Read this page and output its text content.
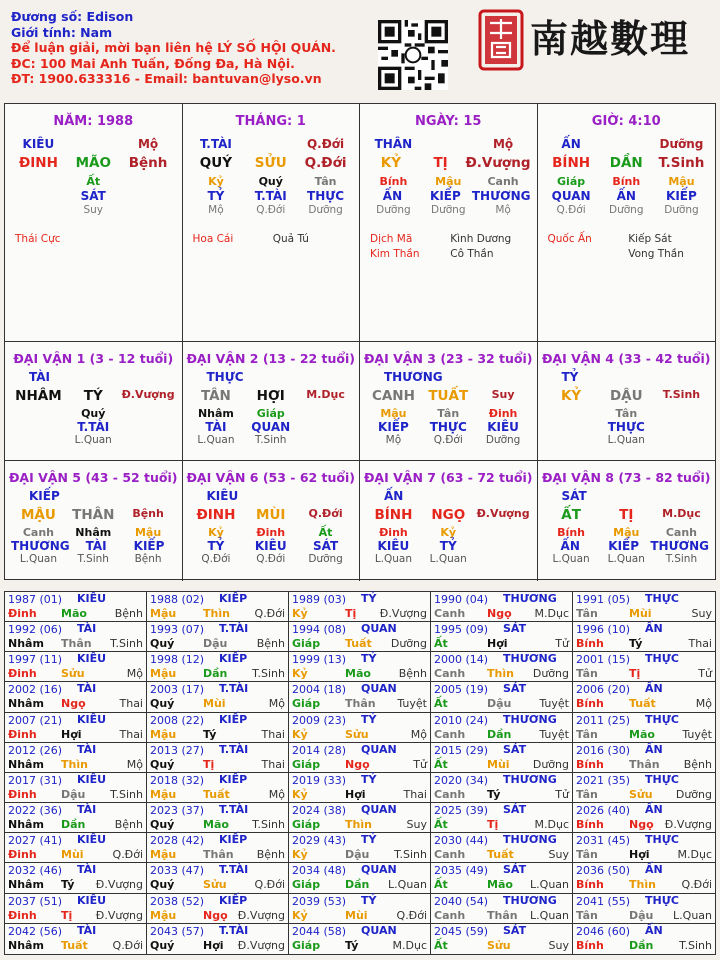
Đương số: Edison
Giới tính: Nam
Để luận giải, mời bạn liên hệ LÝ SỐ HỘI QUÁN.
ĐC: 100 Mai Anh Tuấn, Đống Đa, Hà Nội.
ĐT: 1900.633316 - Email: bantuvan@lyso.vn
南越數理
NĂM: 1988
KIÊU	Mộ
ĐINH	MÃO	Bệnh
Ất
SÁT
Suy
Thái Cực
THÁNG: 1
T.TÀI	Q.Đới
QUÝ	SỬU	Q.Đới
Kỷ	Quý	Tân
TỶ	T.TÀI	THỰC
Mộ	Q.Đới	Dưỡng
Hoa Cái	Quả Tú
NGÀY: 15
THÂN	Mộ
KỶ	TỊ	Đ.Vượng
Bính	Mậu	Canh
ẤN	KIẾP THƯƠNG
Dưỡng	Dưỡng	Mộ
Dịch Mã	Kình Dương
Kim Thần	Cô Thần
GIỜ: 4:10
ẤN	Dưỡng
BÍNH	DẦN	T.Sinh
Giáp	Bính	Mậu
QUAN	ẤN	KIẾP
Q.Đới	Dưỡng	Dưỡng
Quốc Ấn	Kiếp Sát
Vong Thần
ĐẠI VẬN 1 (3 - 12 tuổi)
TÀI
NHÂM	TÝ	Đ.Vượng
Quý
T.TÀI
L.Quan
ĐẠI VẬN 2 (13 - 22 tuổi)
THỰC
TÂN	HỢI	M.Dục
Nhâm	Giáp
TÀI	QUAN
L.Quan	T.Sinh
ĐẠI VẬN 3 (23 - 32 tuổi)
THƯƠNG
CANH TUẤT	Suy
Mậu	Tân	Đinh
KIẾP	THỰC	KIÊU
Mộ	Q.Đới	Dưỡng
ĐẠI VẬN 4 (33 - 42 tuổi)
TỶ
KỶ	DẬU	T.Sinh
Tân
THỰC
L.Quan
ĐẠI VẬN 5 (43 - 52 tuổi)
KIẾP
MẬU	THÂN	Bệnh
Canh	Nhâm	Mậu
THƯƠNG	TÀI	KIẾP
L.Quan	T.Sinh	Bệnh
ĐẠI VẬN 6 (53 - 62 tuổi)
KIÊU
ĐINH	MÙI	Q.Đới
Kỷ	Đinh	Ất
TỶ	KIÊU	SÁT
Q.Đới	Q.Đới	Dưỡng
ĐẠI VẬN 7 (63 - 72 tuổi)
ẤN
BÍNH	NGỌ	Đ.Vượng
Đinh	Kỷ
KIÊU	TỶ
L.Quan	L.Quan
ĐẠI VẬN 8 (73 - 82 tuổi)
SÁT
ẤT	TỊ	M.Dục
Bính	Mậu	Canh
ẤN	KIẾP THƯƠNG
L.Quan	L.Quan	T.Sinh
1987 (01) KIÊU
Đinh Mão	Bệnh
1988 (02) KIẾP
Mậu Thìn Q.Đới
1989 (03) TỶ
Kỷ	Tị Đ.Vượng
1990 (04) THƯƠNG
Canh Ngọ M.Dục
1991 (05) THỰC
Tân	Mùi	Suy
1992 (06) TÀI
Nhâm Thân T.Sinh
1993 (07) T.TÀI
Quý	Dậu	Bệnh
1994 (08) QUAN
Giáp Tuất Dưỡng
1995 (09) SÁT
Ất	Hợi	Tử
1996 (10) ẤN
Bính Tý	Thai
1997 (11) KIÊU
Đinh Sửu	Mộ
1998 (12) KIẾP
Mậu Dần T.Sinh
1999 (13) TỶ
Kỷ	Mão	Bệnh
2000 (14) THƯƠNG
Canh Thìn Dưỡng
2001 (15) THỰC
Tân	Tị	Tử
2002 (16) TÀI
Nhâm Ngọ	Thai
2003 (17) T.TÀI
Quý	Mùi	Mộ
2004 (18) QUAN
Giáp Thân Tuyệt
2005 (19) SÁT
Ất	Dậu	Tuyệt
2006 (20) ẤN
Bính Tuất	Mộ
2007 (21) KIÊU
Đinh Hợi	Thai
2008 (22) KIẾP
Mậu Tý	Thai
2009 (23) TỶ
Kỷ	Sửu	Mộ
2010 (24) THƯƠNG
Canh Dần	Tuyệt
2011 (25) THỰC
Tân	Mão Tuyệt
2012 (26) TÀI
Nhâm Thìn	Mộ
2013 (27) T.TÀI
Quý	Tị	Thai
2014 (28) QUAN
Giáp Ngọ	Tử
2015 (29) SÁT
Ất	Mùi Dưỡng
2016 (30) ẤN
Bính Thân Bệnh
2017 (31) KIÊU
Đinh Dậu T.Sinh
2018 (32) KIẾP
Mậu Tuất	Mộ
2019 (33) TỶ
Kỷ	Hợi	Thai
2020 (34) THƯƠNG
Canh Tý	Tử
2021 (35) THỰC
Tân	Sửu Dưỡng
2022 (36) TÀI
Nhâm Dần	Bệnh
2023 (37) T.TÀI
Quý	Mão T.Sinh
2024 (38) QUAN
Giáp Thìn	Suy
2025 (39) SÁT
Ất	Tị	M.Dục
2026 (40) ẤN
Bính Ngọ Đ.Vượng
2027 (41) KIÊU
Đinh Mùi	Q.Đới
2028 (42) KIẾP
Mậu Thân Bệnh
2029 (43) TỶ
Kỷ	Dậu T.Sinh
2030 (44) THƯƠNG
Canh Tuất	Suy
2031 (45) THỰC
Tân	Hợi	M.Dục
2032 (46) TÀI
Nhâm Tý Đ.Vượng
2033 (47) T.TÀI
Quý	Sửu	Q.Đới
2034 (48) QUAN
Giáp Dần L.Quan
2035 (49) SÁT
Ất	Mão L.Quan
2036 (50) ẤN
Bính Thìn Q.Đới
2037 (51) KIÊU
Đinh Tị Đ.Vượng
2038 (52) KIẾP
Mậu Ngọ Đ.Vượng
2039 (53) TỶ
Kỷ	Mùi	Q.Đới
2040 (54) THƯƠNG
Canh Thân L.Quan
2041 (55) THỰC
Tân	Dậu L.Quan
2042 (56) TÀI
Nhâm Tuất Q.Đới
2043 (57) T.TÀI
Quý	Hợi Đ.Vượng
2044 (58) QUAN
Giáp Tý	M.Dục
2045 (59) SÁT
Ất	Sửu	Suy
2046 (60) ẤN
Bính Dần T.Sinh
